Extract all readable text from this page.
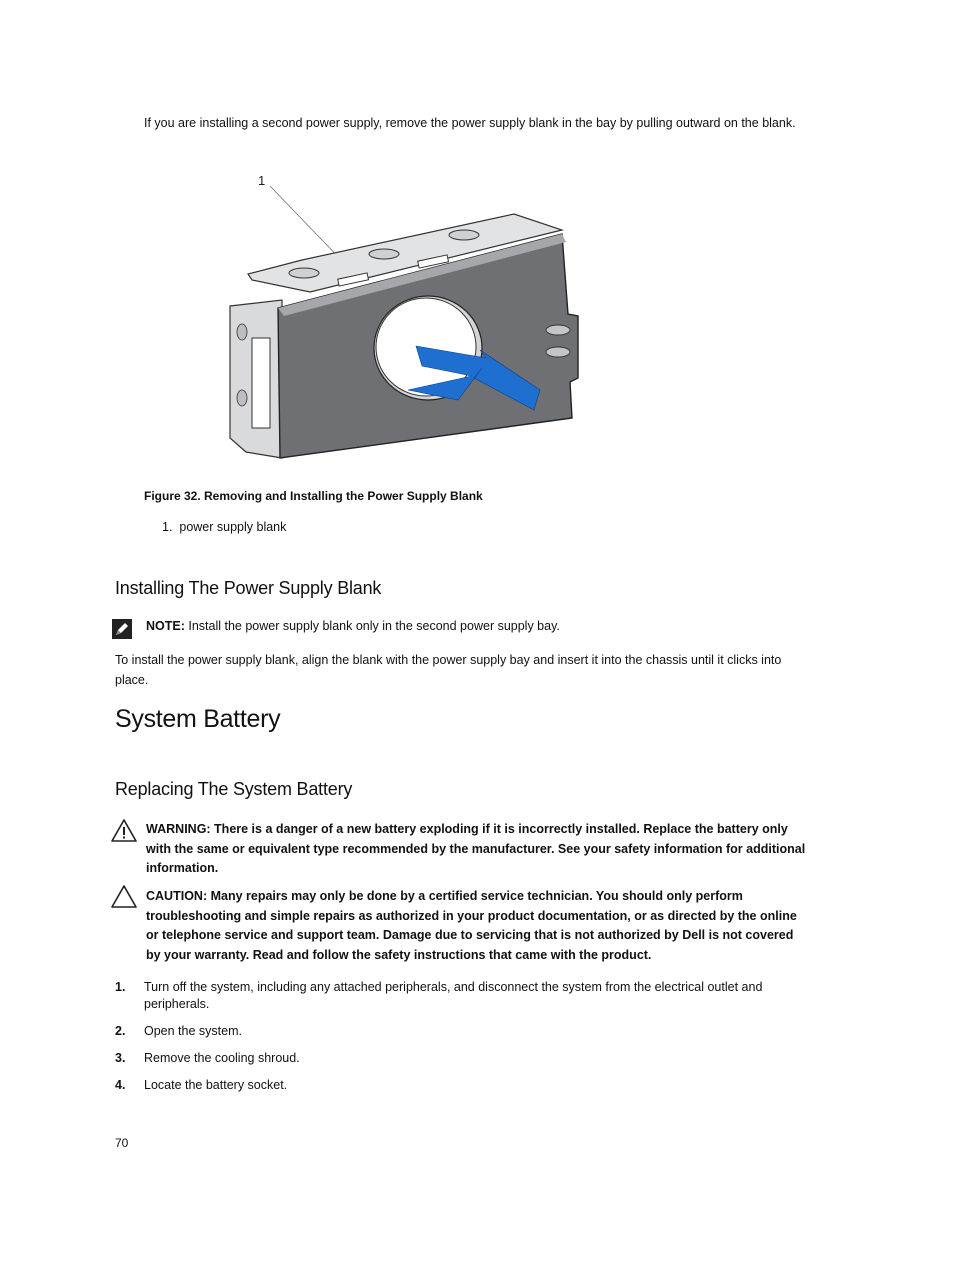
If you are installing a second power supply, remove the power supply blank in the bay by pulling outward on the blank.
1
Figure 32. Removing and Installing the Power Supply Blank
1.  power supply blank
Installing The Power Supply Blank
NOTE: Install the power supply blank only in the second power supply bay.
To install the power supply blank, align the blank with the power supply bay and insert it into the chassis until it clicks into place.
System Battery
Replacing The System Battery
WARNING: There is a danger of a new battery exploding if it is incorrectly installed. Replace the battery only with the same or equivalent type recommended by the manufacturer. See your safety information for additional information.
CAUTION: Many repairs may only be done by a certified service technician. You should only perform troubleshooting and simple repairs as authorized in your product documentation, or as directed by the online or telephone service and support team. Damage due to servicing that is not authorized by Dell is not covered by your warranty. Read and follow the safety instructions that came with the product.
1. Turn off the system, including any attached peripherals, and disconnect the system from the electrical outlet and peripherals.
2. Open the system.
3. Remove the cooling shroud.
4. Locate the battery socket.
70
